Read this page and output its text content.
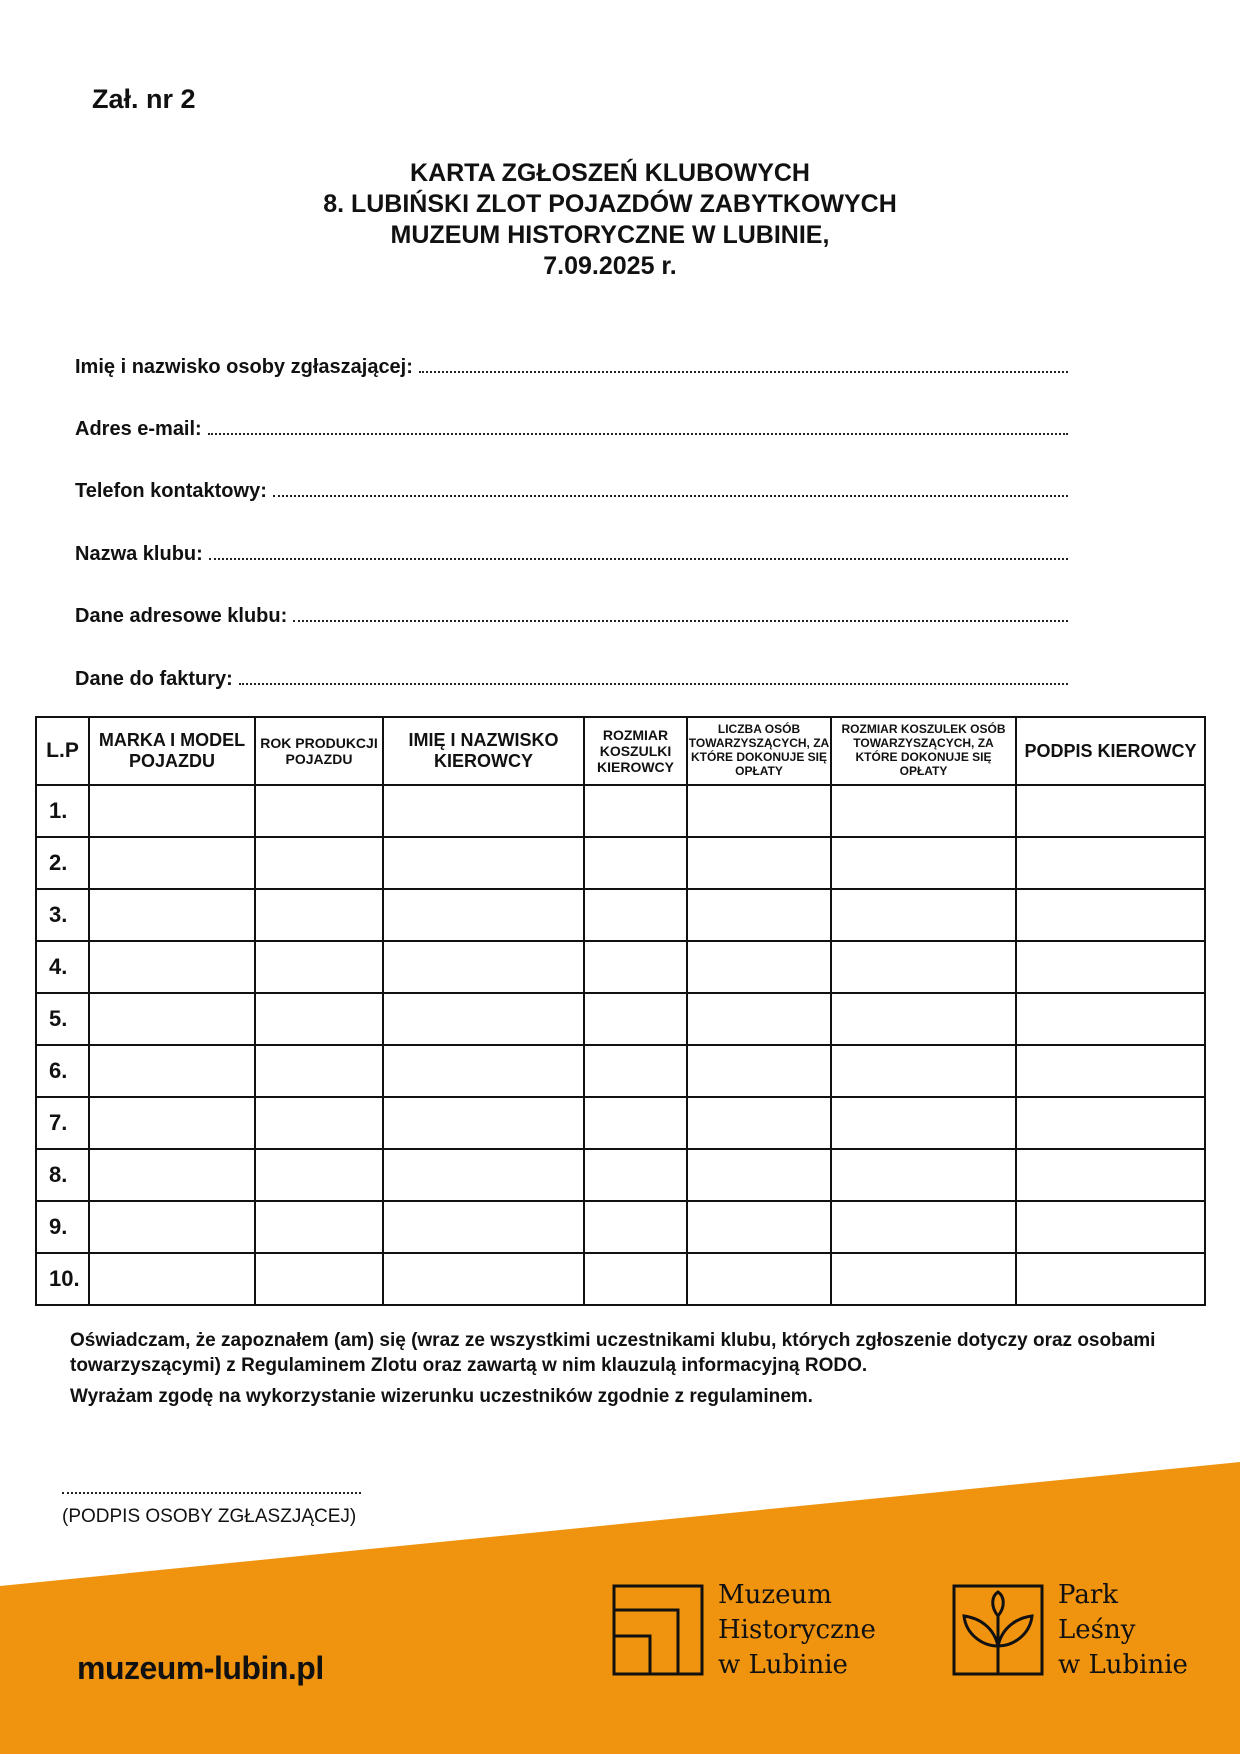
Zał. nr 2
KARTA ZGŁOSZEŃ KLUBOWYCH
8. LUBIŃSKI ZLOT POJAZDÓW ZABYTKOWYCH
MUZEUM HISTORYCZNE W LUBINIE,
7.09.2025 r.
Imię i nazwisko osoby zgłaszającej:
Adres e-mail:
Telefon kontaktowy:
Nazwa klubu:
Dane adresowe klubu:
Dane do faktury:
L.P	MARKA I MODEL POJAZDU	ROK PRODUKCJI POJAZDU	IMIĘ I NAZWISKO KIEROWCY	ROZMIAR KOSZULKI KIEROWCY	LICZBA OSÓB TOWARZYSZĄCYCH, ZA KTÓRE DOKONUJE SIĘ OPŁATY	ROZMIAR KOSZULEK OSÓB TOWARZYSZĄCYCH, ZA KTÓRE DOKONUJE SIĘ OPŁATY	PODPIS KIEROWCY
1.							
2.							
3.							
4.							
5.							
6.							
7.							
8.							
9.							
10.							

Oświadczam, że zapoznałem (am) się (wraz ze wszystkimi uczestnikami klubu, których zgłoszenie dotyczy oraz osobami towarzyszącymi) z Regulaminem Zlotu oraz zawartą w nim klauzulą informacyjną RODO.

Wyrażam zgodę na wykorzystanie wizerunku uczestników zgodnie z regulaminem.

(PODPIS OSOBY ZGŁASZJĄCEJ)
muzeum-lubin.pl
Muzeum
Historyczne
w Lubinie
Park
Leśny
w Lubinie
